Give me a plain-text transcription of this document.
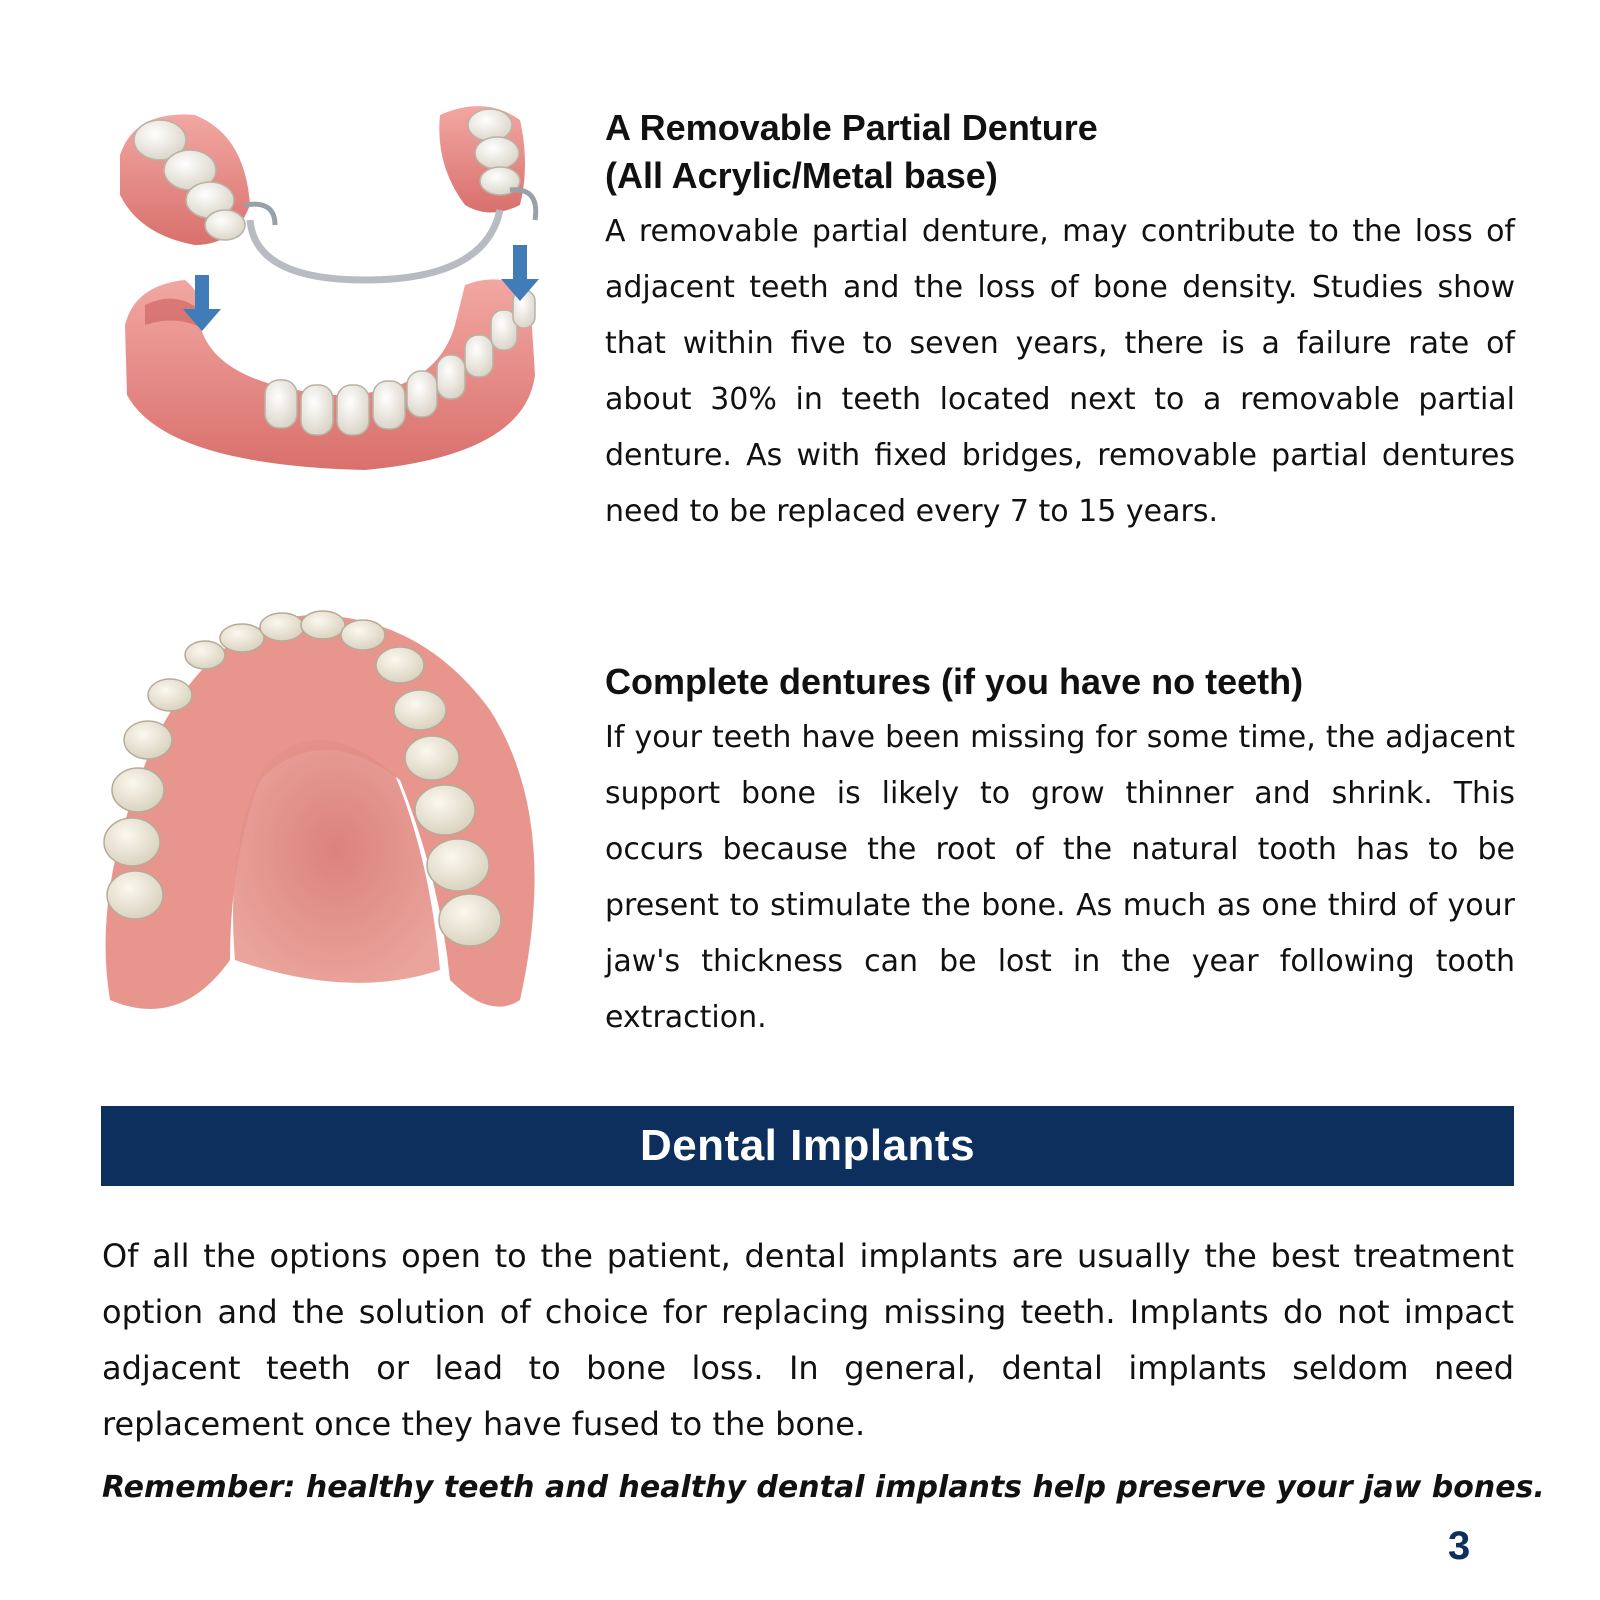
A Removable Partial Denture
(All Acrylic/Metal base)

A removable partial denture, may contribute to the loss of adjacent teeth and the loss of bone density. Studies show that within five to seven years, there is a failure rate of about 30% in teeth located next to a removable partial denture. As with fixed bridges, removable partial dentures need to be replaced every 7 to 15 years.

Complete dentures (if you have no teeth)

If your teeth have been missing for some time, the adjacent support bone is likely to grow thinner and shrink. This occurs because the root of the natural tooth has to be present to stimulate the bone. As much as one third of your jaw's thickness can be lost in the year following tooth extraction.

Dental Implants

Of all the options open to the patient, dental implants are usually the best treatment option and the solution of choice for replacing missing teeth. Implants do not impact adjacent teeth or lead to bone loss. In general, dental implants seldom need replacement once they have fused to the bone.

Remember: healthy teeth and healthy dental implants help preserve your jaw bones.

3
